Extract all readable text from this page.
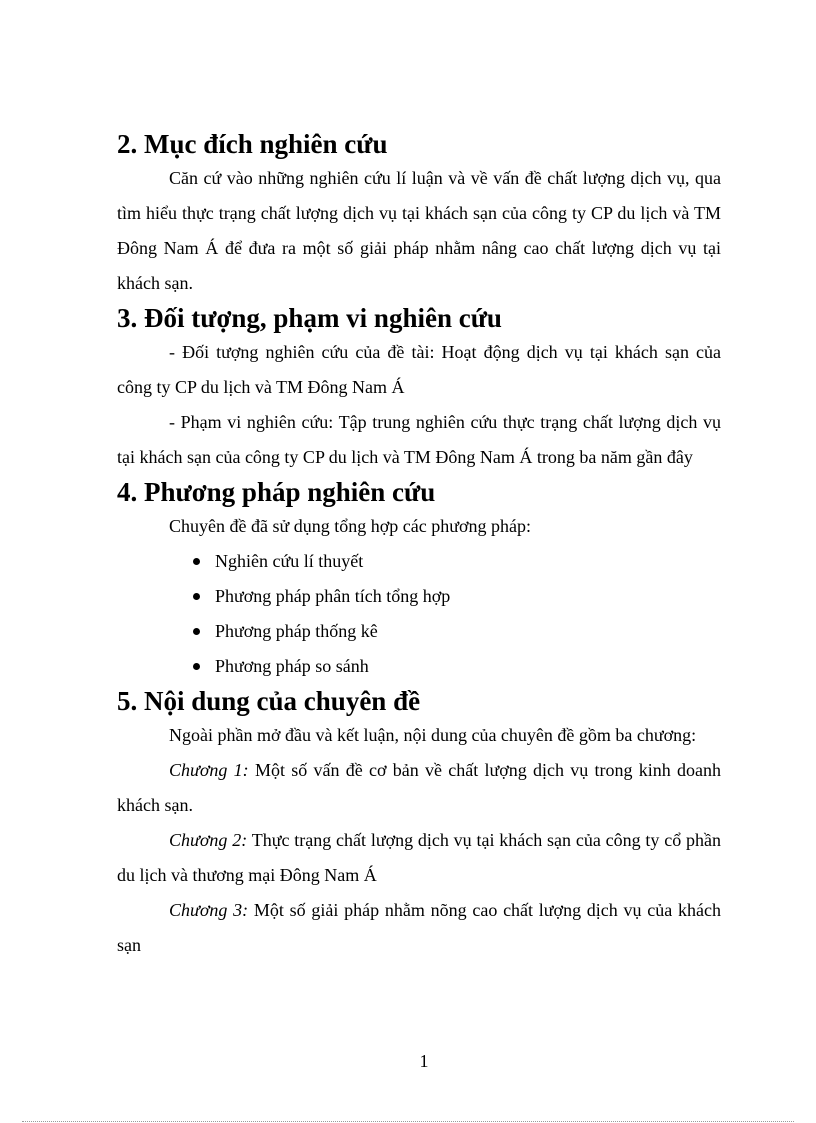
2. Mục đích nghiên cứu

Căn cứ vào những nghiên cứu lí luận và về vấn đề chất lượng dịch vụ, qua tìm hiểu thực trạng chất lượng dịch vụ tại khách sạn của công ty CP du lịch và TM Đông Nam Á để đưa ra một số giải pháp nhằm nâng cao chất lượng dịch vụ tại khách sạn.

3. Đối tượng, phạm vi nghiên cứu

- Đối tượng nghiên cứu của đề tài: Hoạt động dịch vụ tại khách sạn của công ty CP du lịch và TM Đông Nam Á

- Phạm vi nghiên cứu: Tập trung nghiên cứu thực trạng chất lượng dịch vụ tại khách sạn của công ty CP du lịch và TM Đông Nam Á trong ba năm gần đây

4. Phương pháp nghiên cứu

Chuyên đề đã sử dụng tổng hợp các phương pháp:

Nghiên cứu lí thuyết
Phương pháp phân tích tổng hợp
Phương pháp thống kê
Phương pháp so sánh
5. Nội dung của chuyên đề

Ngoài phần mở đầu và kết luận, nội dung của chuyên đề gồm ba chương:

Chương 1: Một số vấn đề cơ bản về chất lượng dịch vụ trong kinh doanh khách sạn.

Chương 2: Thực trạng chất lượng dịch vụ tại khách sạn của công ty cổ phần du lịch và thương mại Đông Nam Á

Chương 3: Một số giải pháp nhằm nõng cao chất lượng dịch vụ của khách sạn

1
